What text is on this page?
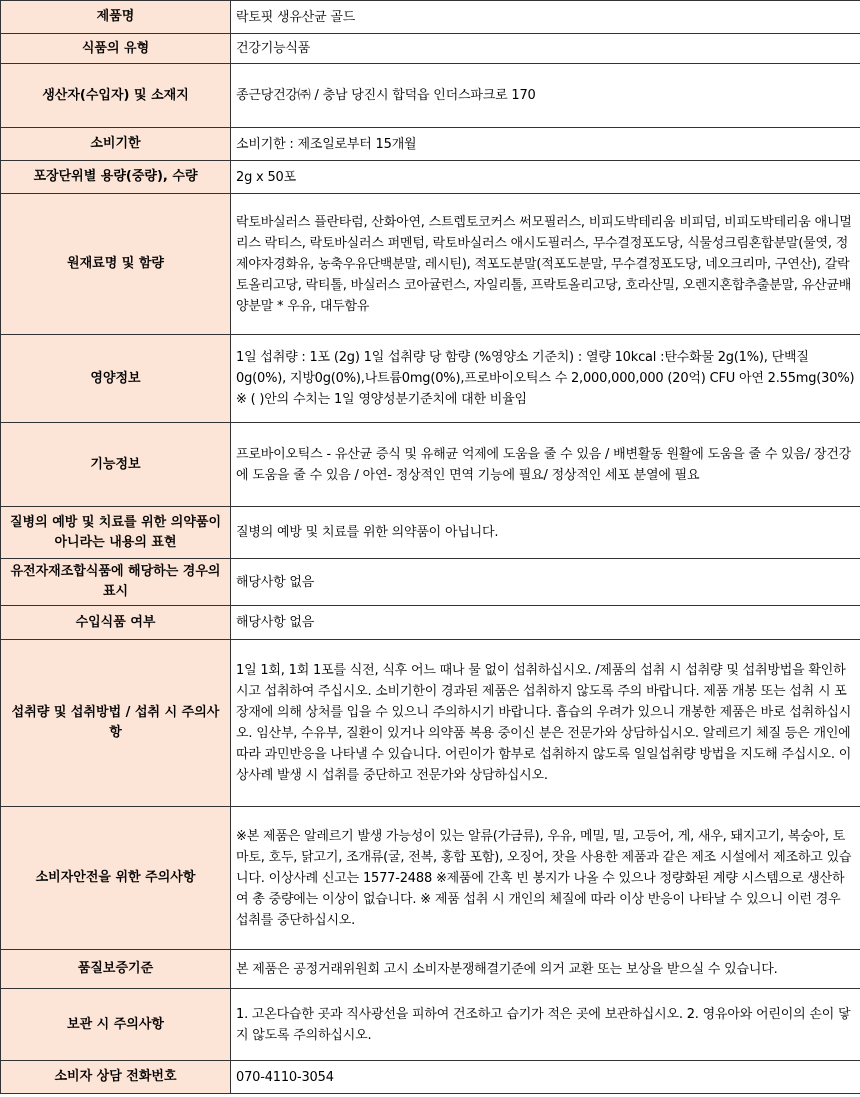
제품명	락토핏 생유산균 골드
식품의 유형	건강기능식품
생산자(수입자) 및 소재지	종근당건강㈜ / 충남 당진시 합덕읍 인더스파크로 170
소비기한	소비기한 : 제조일로부터 15개월
포장단위별 용량(중량), 수량	2g x 50포
원재료명 및 함량	락토바실러스 플란타럼, 산화아연, 스트렙토코커스 써모필러스, 비피도박테리움 비피덤, 비피도박테리움 애니멀리스 락티스, 락토바실러스 퍼멘텀, 락토바실러스 애시도필러스, 무수결정포도당, 식물성크림혼합분말(물엿, 정제야자경화유, 농축우유단백분말, 레시틴), 적포도분말(적포도분말, 무수결정포도당, 네오크리마, 구연산), 갈락토올리고당, 락티톨, 바실러스 코아귤런스, 자일리톨, 프락토올리고당, 호라산밀, 오렌지혼합추출분말, 유산균배양분말 * 우유, 대두함유
영양정보	1일 섭취량 : 1포 (2g) 1일 섭취량 당 함량 (%영양소 기준치) : 열량 10kcal :탄수화물 2g(1%), 단백질0g(0%), 지방0g(0%),나트륨0mg(0%),프로바이오틱스 수 2,000,000,000 (20억) CFU 아연 2.55mg(30%) ※ ( )안의 수치는 1일 영양성분기준치에 대한 비율임
기능정보	프로바이오틱스 - 유산균 증식 및 유해균 억제에 도움을 줄 수 있음 / 배변활동 원활에 도움을 줄 수 있음/ 장건강에 도움을 줄 수 있음 / 아연- 정상적인 면역 기능에 필요/ 정상적인 세포 분열에 필요
질병의 예방 및 치료를 위한 의약품이 아니라는 내용의 표현	질병의 예방 및 치료를 위한 의약품이 아닙니다.
유전자재조합식품에 해당하는 경우의 표시	해당사항 없음
수입식품 여부	해당사항 없음
섭취량 및 섭취방법 / 섭취 시 주의사항	1일 1회, 1회 1포를 식전, 식후 어느 때나 물 없이 섭취하십시오. /제품의 섭취 시 섭취량 및 섭취방법을 확인하시고 섭취하여 주십시오. 소비기한이 경과된 제품은 섭취하지 않도록 주의 바랍니다. 제품 개봉 또는 섭취 시 포장재에 의해 상처를 입을 수 있으니 주의하시기 바랍니다. 흡습의 우려가 있으니 개봉한 제품은 바로 섭취하십시오. 임산부, 수유부, 질환이 있거나 의약품 복용 중이신 분은 전문가와 상담하십시오. 알레르기 체질 등은 개인에 따라 과민반응을 나타낼 수 있습니다. 어린이가 함부로 섭취하지 않도록 일일섭취량 방법을 지도해 주십시오. 이상사례 발생 시 섭취를 중단하고 전문가와 상담하십시오.
소비자안전을 위한 주의사항	※본 제품은 알레르기 발생 가능성이 있는 알류(가금류), 우유, 메밀, 밀, 고등어, 게, 새우, 돼지고기, 복숭아, 토마토, 호두, 닭고기, 조개류(굴, 전복, 홍합 포함), 오징어, 잣을 사용한 제품과 같은 제조 시설에서 제조하고 있습니다. 이상사례 신고는 1577-2488 ※제품에 간혹 빈 봉지가 나올 수 있으나 정량화된 계량 시스템으로 생산하여 총 중량에는 이상이 없습니다. ※ 제품 섭취 시 개인의 체질에 따라 이상 반응이 나타날 수 있으니 이런 경우 섭취를 중단하십시오.
품질보증기준	본 제품은 공정거래위원회 고시 소비자분쟁해결기준에 의거 교환 또는 보상을 받으실 수 있습니다.
보관 시 주의사항	1. 고온다습한 곳과 직사광선을 피하여 건조하고 습기가 적은 곳에 보관하십시오. 2. 영유아와 어린이의 손이 닿지 않도록 주의하십시오.
소비자 상담 전화번호	070-4110-3054
